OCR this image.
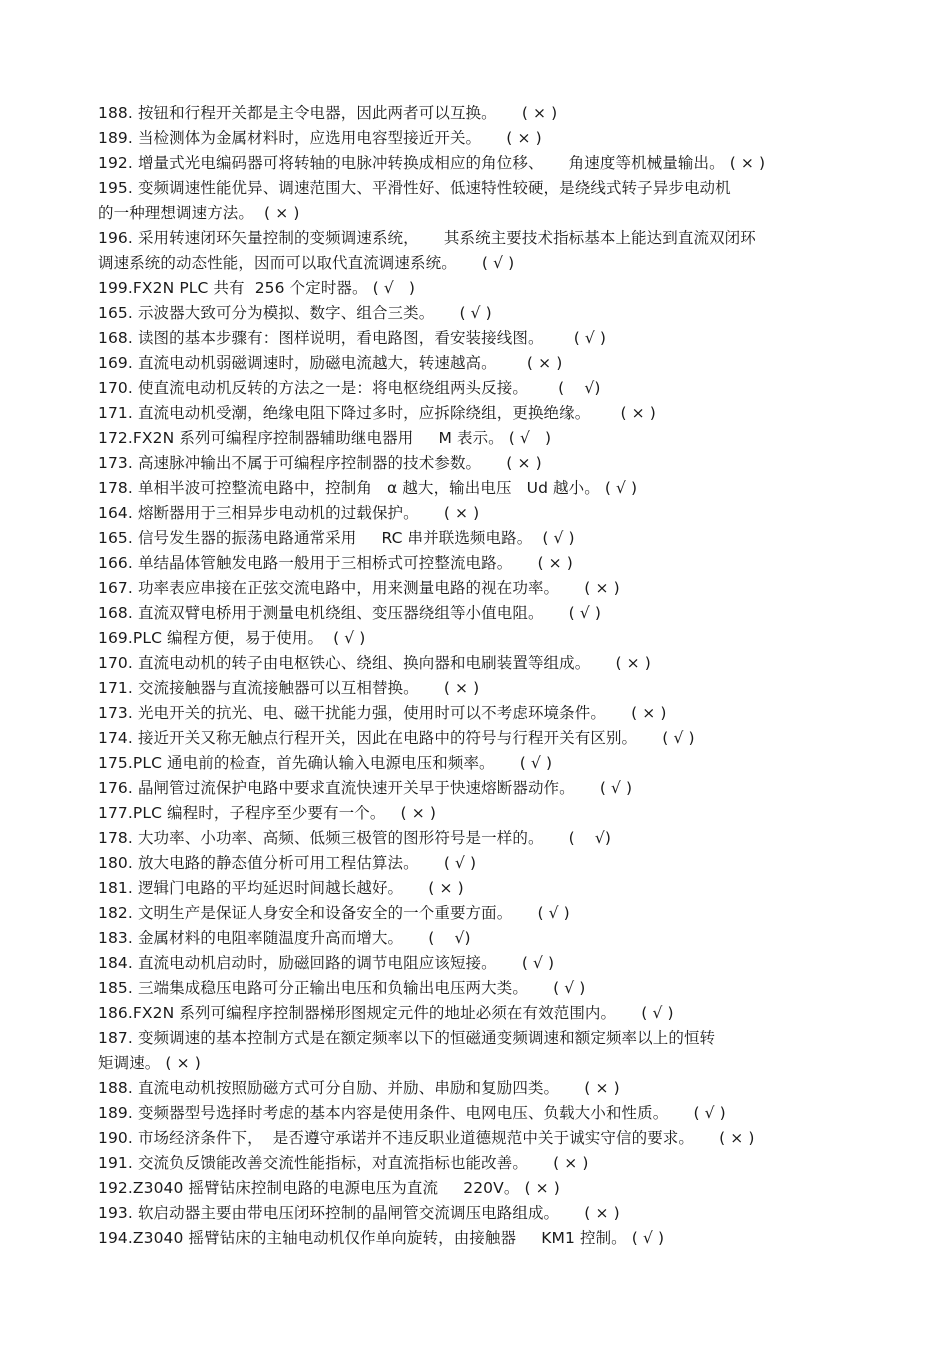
188. 按钮和行程开关都是主令电器，因此两者可以互换。     ( × )
189. 当检测体为金属材料时，应选用电容型接近开关。     ( × )
192. 增量式光电编码器可将转轴的电脉冲转换成相应的角位移、     角速度等机械量输出。 ( × )
195. 变频调速性能优异、调速范围大、平滑性好、低速特性较硬，是绕线式转子异步电动机
的一种理想调速方法。  ( × )
196. 采用转速闭环矢量控制的变频调速系统，     其系统主要技术指标基本上能达到直流双闭环
调速系统的动态性能，因而可以取代直流调速系统。     ( √ )
199.FX2N PLC 共有  256 个定时器。 ( √   )
165. 示波器大致可分为模拟、数字、组合三类。     ( √ )
168. 读图的基本步骤有：图样说明，看电路图，看安装接线图。      ( √ )
169. 直流电动机弱磁调速时，励磁电流越大，转速越高。      ( × )
170. 使直流电动机反转的方法之一是：将电枢绕组两头反接。      (    √)
171. 直流电动机受潮，绝缘电阻下降过多时，应拆除绕组，更换绝缘。      ( × )
172.FX2N 系列可编程序控制器辅助继电器用     M 表示。 ( √   )
173. 高速脉冲输出不属于可编程序控制器的技术参数。     ( × )
178. 单相半波可控整流电路中，控制角   α 越大，输出电压   Ud 越小。 ( √ )
164. 熔断器用于三相异步电动机的过载保护。     ( × )
165. 信号发生器的振荡电路通常采用     RC 串并联选频电路。  ( √ )
166. 单结晶体管触发电路一般用于三相桥式可控整流电路。     ( × )
167. 功率表应串接在正弦交流电路中，用来测量电路的视在功率。     ( × )
168. 直流双臂电桥用于测量电机绕组、变压器绕组等小值电阻。     ( √ )
169.PLC 编程方便，易于使用。  ( √ )
170. 直流电动机的转子由电枢铁心、绕组、换向器和电刷装置等组成。     ( × )
171. 交流接触器与直流接触器可以互相替换。     ( × )
173. 光电开关的抗光、电、磁干扰能力强，使用时可以不考虑环境条件。     ( × )
174. 接近开关又称无触点行程开关，因此在电路中的符号与行程开关有区别。     ( √ )
175.PLC 通电前的检查，首先确认输入电源电压和频率。     ( √ )
176. 晶闸管过流保护电路中要求直流快速开关早于快速熔断器动作。     ( √ )
177.PLC 编程时，子程序至少要有一个。   ( × )
178. 大功率、小功率、高频、低频三极管的图形符号是一样的。     (    √)
180. 放大电路的静态值分析可用工程估算法。     ( √ )
181. 逻辑门电路的平均延迟时间越长越好。     ( × )
182. 文明生产是保证人身安全和设备安全的一个重要方面。     ( √ )
183. 金属材料的电阻率随温度升高而增大。     (    √)
184. 直流电动机启动时，励磁回路的调节电阻应该短接。     ( √ )
185. 三端集成稳压电路可分正输出电压和负输出电压两大类。     ( √ )
186.FX2N 系列可编程序控制器梯形图规定元件的地址必须在有效范围内。     ( √ )
187. 变频调速的基本控制方式是在额定频率以下的恒磁通变频调速和额定频率以上的恒转
矩调速。 ( × )
188. 直流电动机按照励磁方式可分自励、并励、串励和复励四类。     ( × )
189. 变频器型号选择时考虑的基本内容是使用条件、电网电压、负载大小和性质。     ( √ )
190. 市场经济条件下，  是否遵守承诺并不违反职业道德规范中关于诚实守信的要求。     ( × )
191. 交流负反馈能改善交流性能指标，对直流指标也能改善。     ( × )
192.Z3040 摇臂钻床控制电路的电源电压为直流     220V。 ( × )
193. 软启动器主要由带电压闭环控制的晶闸管交流调压电路组成。     ( × )
194.Z3040 摇臂钻床的主轴电动机仅作单向旋转，由接触器     KM1 控制。 ( √ )
